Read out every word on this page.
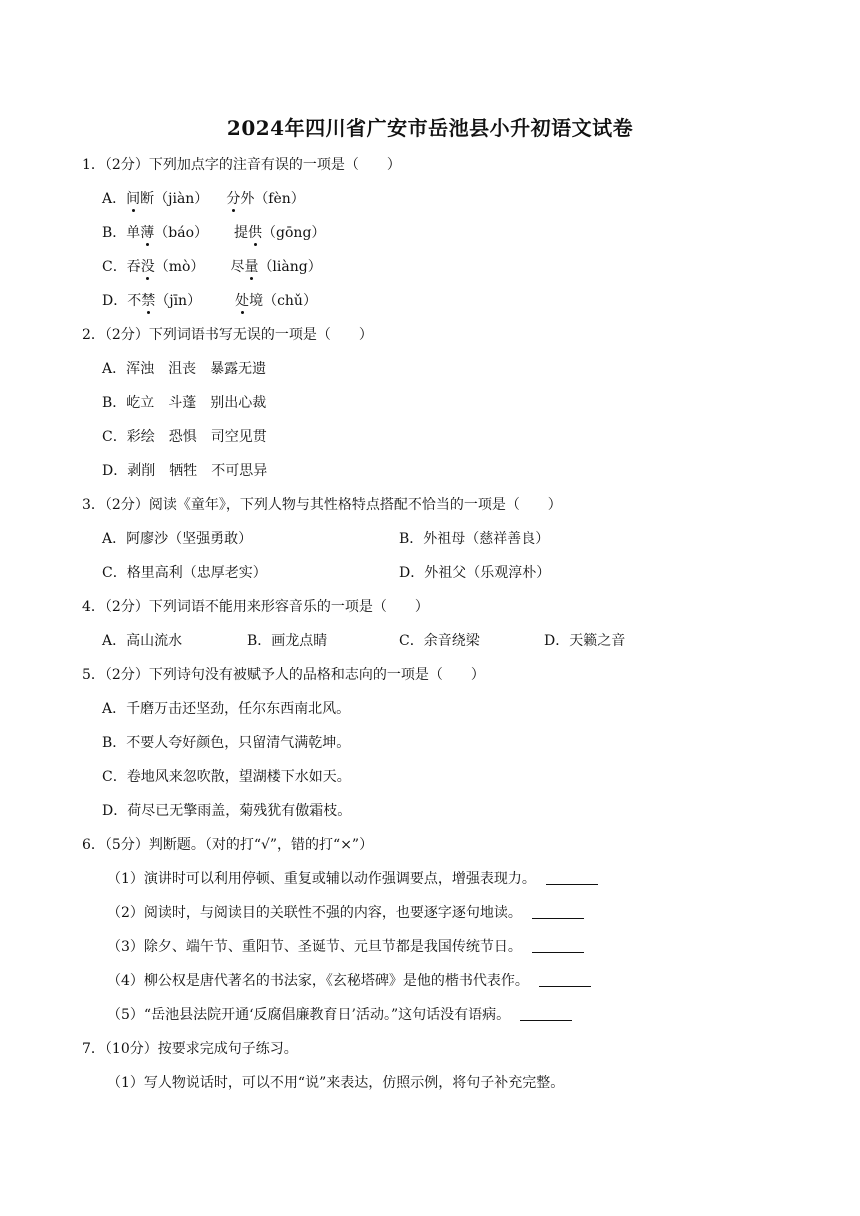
2024年四川省广安市岳池县小升初语文试卷
1．（2分）下列加点字的注音有误的一项是（　　）
A．间断（jiàn） 分外（fèn）
B．单薄（báo） 提供（gōng）
C．吞没（mò） 尽量（liàng）
D．不禁（jīn） 处境（chǔ）
2．（2分）下列词语书写无误的一项是（　　）
A．浑浊　沮丧　暴露无遗
B．屹立　斗蓬　别出心裁
C．彩绘　恐惧　司空见贯
D．剥削　牺牲　不可思异
3．（2分）阅读《童年》，下列人物与其性格特点搭配不恰当的一项是（　　）
A．阿廖沙（坚强勇敢）	B．外祖母（慈祥善良）
C．格里高利（忠厚老实）	D．外祖父（乐观淳朴）
4．（2分）下列词语不能用来形容音乐的一项是（　　）
A．高山流水	B．画龙点睛	C．余音绕梁	D．天籁之音
5．（2分）下列诗句没有被赋予人的品格和志向的一项是（　　）
A．千磨万击还坚劲，任尔东西南北风。
B．不要人夸好颜色，只留清气满乾坤。
C．卷地风来忽吹散，望湖楼下水如天。
D．荷尽已无擎雨盖，菊残犹有傲霜枝。
6．（5分）判断题。（对的打“√”，错的打“×”）
（1）演讲时可以利用停顿、重复或辅以动作强调要点，增强表现力。
（2）阅读时，与阅读目的关联性不强的内容，也要逐字逐句地读。
（3）除夕、端午节、重阳节、圣诞节、元旦节都是我国传统节日。
（4）柳公权是唐代著名的书法家，《玄秘塔碑》是他的楷书代表作。
（5）“岳池县法院开通‘反腐倡廉教育日’活动。”这句话没有语病。
7．（10分）按要求完成句子练习。
（1）写人物说话时，可以不用“说”来表达，仿照示例，将句子补充完整。
